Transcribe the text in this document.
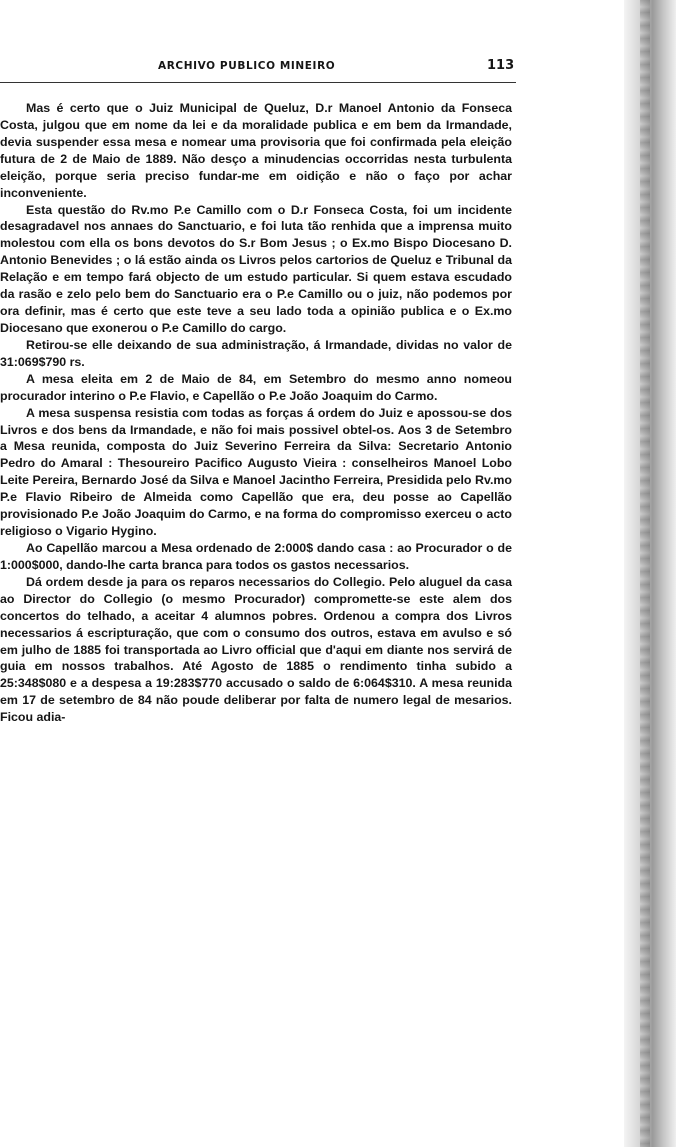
ARCHIVO PUBLICO MINEIRO	113

Mas é certo que o Juiz Municipal de Queluz, D.r Manoel Antonio da Fonseca Costa, julgou que em nome da lei e da moralidade publica e em bem da Irmandade, devia suspender essa mesa e nomear uma provisoria que foi confirmada pela eleição futura de 2 de Maio de 1889. Não desço a minudencias occorridas nesta turbulenta eleição, porque seria preciso fundar-me em oidição e não o faço por achar inconveniente.

Esta questão do Rv.mo P.e Camillo com o D.r Fonseca Costa, foi um incidente desagradavel nos annaes do Sanctuario, e foi luta tão renhida que a imprensa muito molestou com ella os bons devotos do S.r Bom Jesus ; o Ex.mo Bispo Diocesano D. Antonio Benevides ; o lá estão ainda os Livros pelos cartorios de Queluz e Tribunal da Relação e em tempo fará objecto de um estudo particular. Si quem estava escudado da rasão e zelo pelo bem do Sanctuario era o P.e Camillo ou o juiz, não podemos por ora definir, mas é certo que este teve a seu lado toda a opinião publica e o Ex.mo Diocesano que exonerou o P.e Camillo do cargo.

Retirou-se elle deixando de sua administração, á Irmandade, dividas no valor de 31:069$790 rs.

A mesa eleita em 2 de Maio de 84, em Setembro do mesmo anno nomeou procurador interino o P.e Flavio, e Capellão o P.e João Joaquim do Carmo.

A mesa suspensa resistia com todas as forças á ordem do Juiz e apossou-se dos Livros e dos bens da Irmandade, e não foi mais possivel obtel-os. Aos 3 de Setembro a Mesa reunida, composta do Juiz Severino Ferreira da Silva: Secretario Antonio Pedro do Amaral : Thesoureiro Pacifico Augusto Vieira : conselheiros Manoel Lobo Leite Pereira, Bernardo José da Silva e Manoel Jacintho Ferreira, Presidida pelo Rv.mo P.e Flavio Ribeiro de Almeida como Capellão que era, deu posse ao Capellão provisionado P.e João Joaquim do Carmo, e na forma do compromisso exerceu o acto religioso o Vigario Hygino.

Ao Capellão marcou a Mesa ordenado de 2:000$ dando casa : ao Procurador o de 1:000$000, dando-lhe carta branca para todos os gastos necessarios.

Dá ordem desde ja para os reparos necessarios do Collegio. Pelo aluguel da casa ao Director do Collegio (o mesmo Procurador) compromette-se este alem dos concertos do telhado, a aceitar 4 alumnos pobres. Ordenou a compra dos Livros necessarios á escripturação, que com o consumo dos outros, estava em avulso e só em julho de 1885 foi transportada ao Livro official que d'aqui em diante nos servirá de guia em nossos trabalhos. Até Agosto de 1885 o rendimento tinha subido a 25:348$080 e a despesa a 19:283$770 accusado o saldo de 6:064$310. A mesa reunida em 17 de setembro de 84 não poude deliberar por falta de numero legal de mesarios. Ficou adia-
